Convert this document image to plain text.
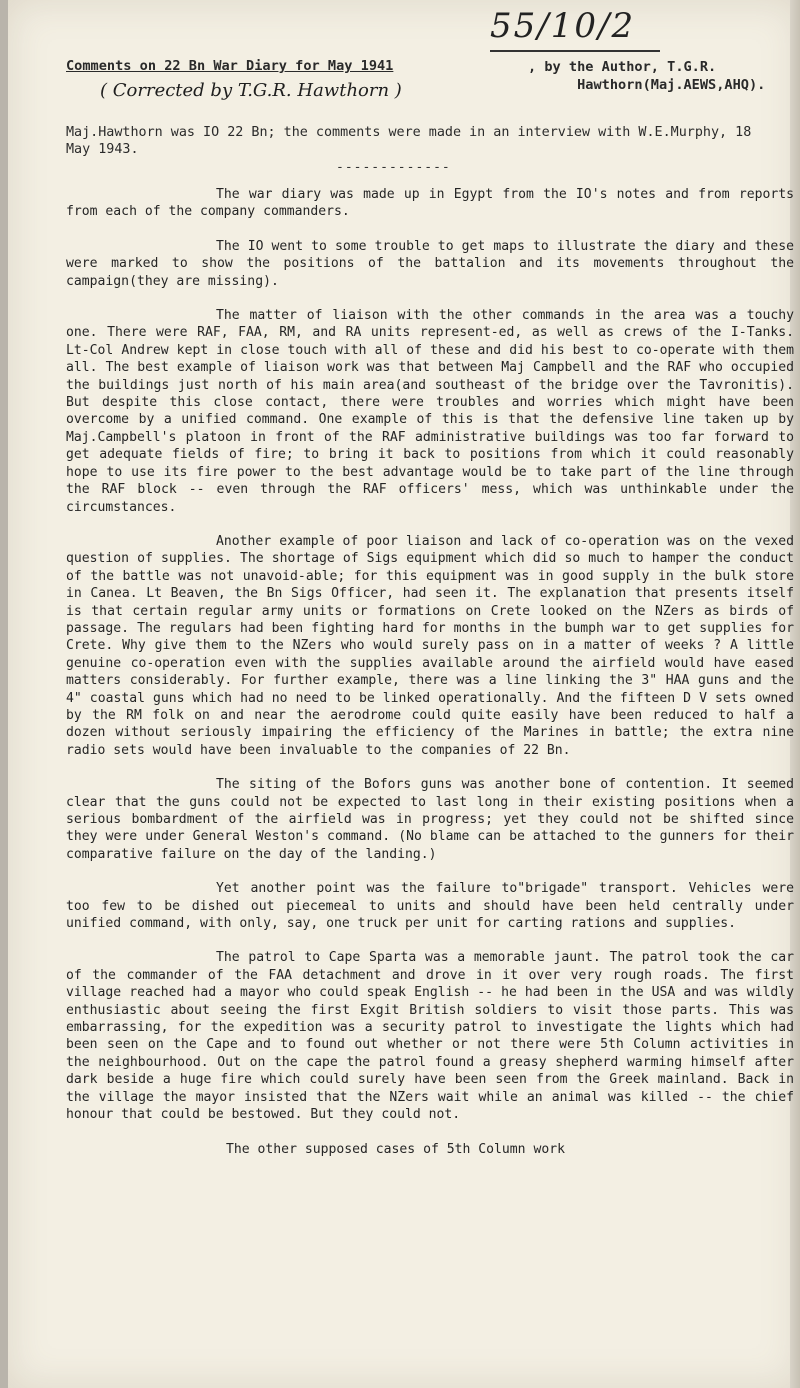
55/10/2
Comments on 22 Bn War Diary for May 1941	, by the Author, T.G.R.
Hawthorn(Maj.AEWS,AHQ).
( Corrected by T.G.R. Hawthorn )
Maj.Hawthorn was IO 22 Bn; the comments were made in an interview with W.E.Murphy, 18 May 1943.
-------------

The war diary was made up in Egypt from the IO's notes and from reports from each of the company commanders.

The IO went to some trouble to get maps to illustrate the diary and these were marked to show the positions of the battalion and its movements throughout the campaign(they are missing).

The matter of liaison with the other commands in the area was a touchy one. There were RAF, FAA, RM, and RA units represent-ed, as well as crews of the I-Tanks. Lt-Col Andrew kept in close touch with all of these and did his best to co-operate with them all. The best example of liaison work was that between Maj Campbell and the RAF who occupied the buildings just north of his main area(and southeast of the bridge over the Tavronitis). But despite this close contact, there were troubles and worries which might have been overcome by a unified command. One example of this is that the defensive line taken up by Maj.Campbell's platoon in front of the RAF administrative buildings was too far forward to get adequate fields of fire; to bring it back to positions from which it could reasonably hope to use its fire power to the best advantage would be to take part of the line through the RAF block -- even through the RAF officers' mess, which was unthinkable under the circumstances.

Another example of poor liaison and lack of co-operation was on the vexed question of supplies. The shortage of Sigs equipment which did so much to hamper the conduct of the battle was not unavoid-able; for this equipment was in good supply in the bulk store in Canea. Lt Beaven, the Bn Sigs Officer, had seen it. The explanation that presents itself is that certain regular army units or formations on Crete looked on the NZers as birds of passage. The regulars had been fighting hard for months in the bumph war to get supplies for Crete. Why give them to the NZers who would surely pass on in a matter of weeks ? A little genuine co-operation even with the supplies available around the airfield would have eased matters considerably. For further example, there was a line linking the 3" HAA guns and the 4" coastal guns which had no need to be linked operationally. And the fifteen D V sets owned by the RM folk on and near the aerodrome could quite easily have been reduced to half a dozen without seriously impairing the efficiency of the Marines in battle; the extra nine radio sets would have been invaluable to the companies of 22 Bn.

The siting of the Bofors guns was another bone of contention. It seemed clear that the guns could not be expected to last long in their existing positions when a serious bombardment of the airfield was in progress; yet they could not be shifted since they were under General Weston's command. (No blame can be attached to the gunners for their comparative failure on the day of the landing.)

Yet another point was the failure to"brigade" transport. Vehicles were too few to be dished out piecemeal to units and should have been held centrally under unified command, with only, say, one truck per unit for carting rations and supplies.

The patrol to Cape Sparta was a memorable jaunt. The patrol took the car of the commander of the FAA detachment and drove in it over very rough roads. The first village reached had a mayor who could speak English -- he had been in the USA and was wildly enthusiastic about seeing the first Exgit British soldiers to visit those parts. This was embarrassing, for the expedition was a security patrol to investigate the lights which had been seen on the Cape and to found out whether or not there were 5th Column activities in the neighbourhood. Out on the cape the patrol found a greasy shepherd warming himself after dark beside a huge fire which could surely have been seen from the Greek mainland. Back in the village the mayor insisted that the NZers wait while an animal was killed -- the chief honour that could be bestowed. But they could not.

The other supposed cases of 5th Column work
